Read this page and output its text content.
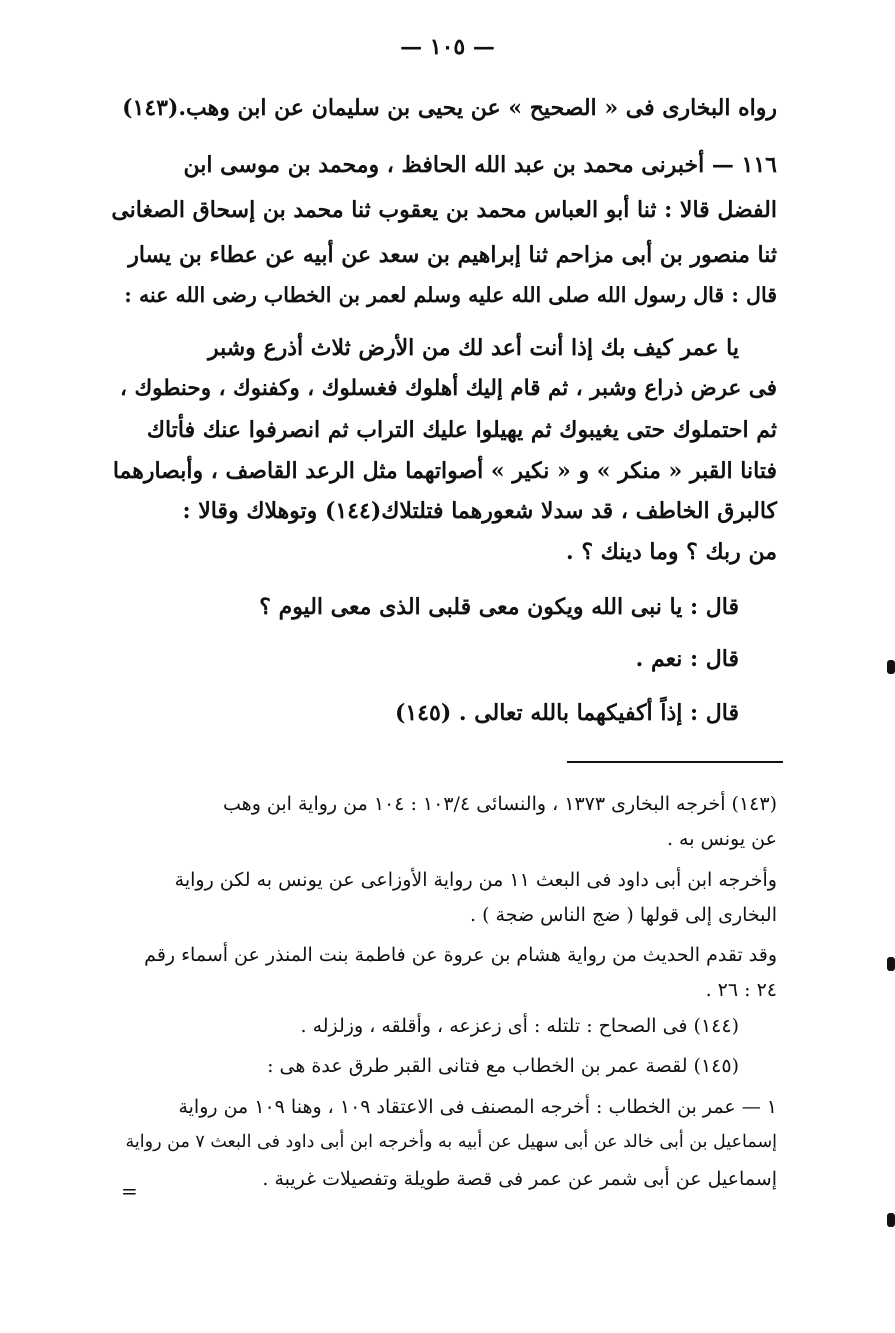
— ١٠٥ —
رواه البخارى فى « الصحيح » عن يحيى بن سليمان عن ابن وهب.(١٤٣)
١١٦ — أخبرنى محمد بن عبد الله الحافظ ، ومحمد بن موسى ابن
الفضل قالا : ثنا أبو العباس محمد بن يعقوب ثنا محمد بن إسحاق الصغانى
ثنا منصور بن أبى مزاحم ثنا إبراهيم بن سعد عن أبيه عن عطاء بن يسار
قال : قال رسول الله صلى الله عليه وسلم لعمر بن الخطاب رضى الله عنه :
يا عمر كيف بك إذا أنت أعد لك من الأرض ثلاث أذرع وشبر
فى عرض ذراع وشبر ، ثم قام إليك أهلوك فغسلوك ، وكفنوك ، وحنطوك ،
ثم احتملوك حتى يغيبوك ثم يهيلوا عليك التراب ثم انصرفوا عنك فأتاك
فتانا القبر « منكر » و « نكير » أصواتهما مثل الرعد القاصف ، وأبصارهما
كالبرق الخاطف ، قد سدلا شعورهما فتلتلاك(١٤٤) وتوهلاك وقالا :
من ربك ؟ وما دينك ؟ .
قال : يا نبى الله ويكون معى قلبى الذى معى اليوم ؟
قال : نعم .
قال : إذاً أكفيكهما بالله تعالى . (١٤٥)
(١٤٣) أخرجه البخارى ١٣٧٣ ، والنسائى ١٠٣/٤ : ١٠٤ من رواية ابن وهب
عن يونس به .
وأخرجه ابن أبى داود فى البعث ١١ من رواية الأوزاعى عن يونس به لكن رواية
البخارى إلى قولها ( ضج الناس ضجة ) .
وقد تقدم الحديث من رواية هشام بن عروة عن فاطمة بنت المنذر عن أسماء رقم
٢٤ : ٢٦ .
(١٤٤) فى الصحاح : تلتله : أى زعزعه ، وأقلقه ، وزلزله .
(١٤٥) لقصة عمر بن الخطاب مع فتانى القبر طرق عدة هى :
١ — عمر بن الخطاب : أخرجه المصنف فى الاعتقاد ١٠٩ ، وهنا ١٠٩ من رواية
إسماعيل بن أبى خالد عن أبى سهيل عن أبيه به وأخرجه ابن أبى داود فى البعث ٧ من رواية
إسماعيل عن أبى شمر عن عمر فى قصة طويلة وتفصيلات غريبة .
=
